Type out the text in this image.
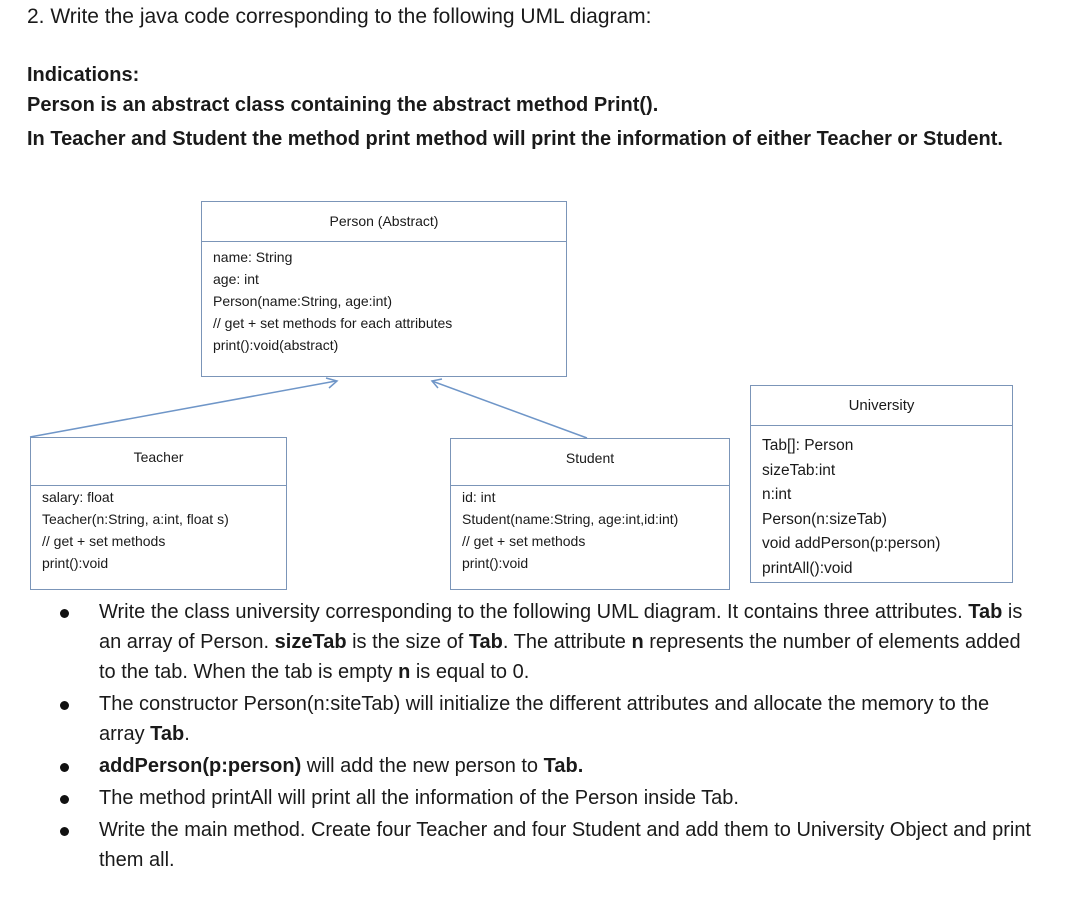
2. Write the java code corresponding to the following UML diagram:

Indications:

Person is an abstract class containing the abstract method Print().

In Teacher and Student the method print method will print the information of either Teacher or Student.

Person (Abstract)
name: String
age: int
Person(name:String, age:int)
// get + set methods for each attributes
print():void(abstract)
Teacher
salary: float
Teacher(n:String, a:int, float s)
// get + set methods
print():void
Student
id: int
Student(name:String, age:int,id:int)
// get + set methods
print():void
University
Tab[]: Person
sizeTab:int
n:int
Person(n:sizeTab)
void addPerson(p:person)
printAll():void
Write the class university corresponding to the following UML diagram. It contains three attributes. Tab is an array of Person. sizeTab is the size of Tab. The attribute n represents the number of elements added to the tab. When the tab is empty n is equal to 0.
The constructor Person(n:siteTab) will initialize the different attributes and allocate the memory to the array Tab.
addPerson(p:person) will add the new person to Tab.
The method printAll will print all the information of the Person inside Tab.
Write the main method. Create four Teacher and four Student and add them to University Object and print them all.
